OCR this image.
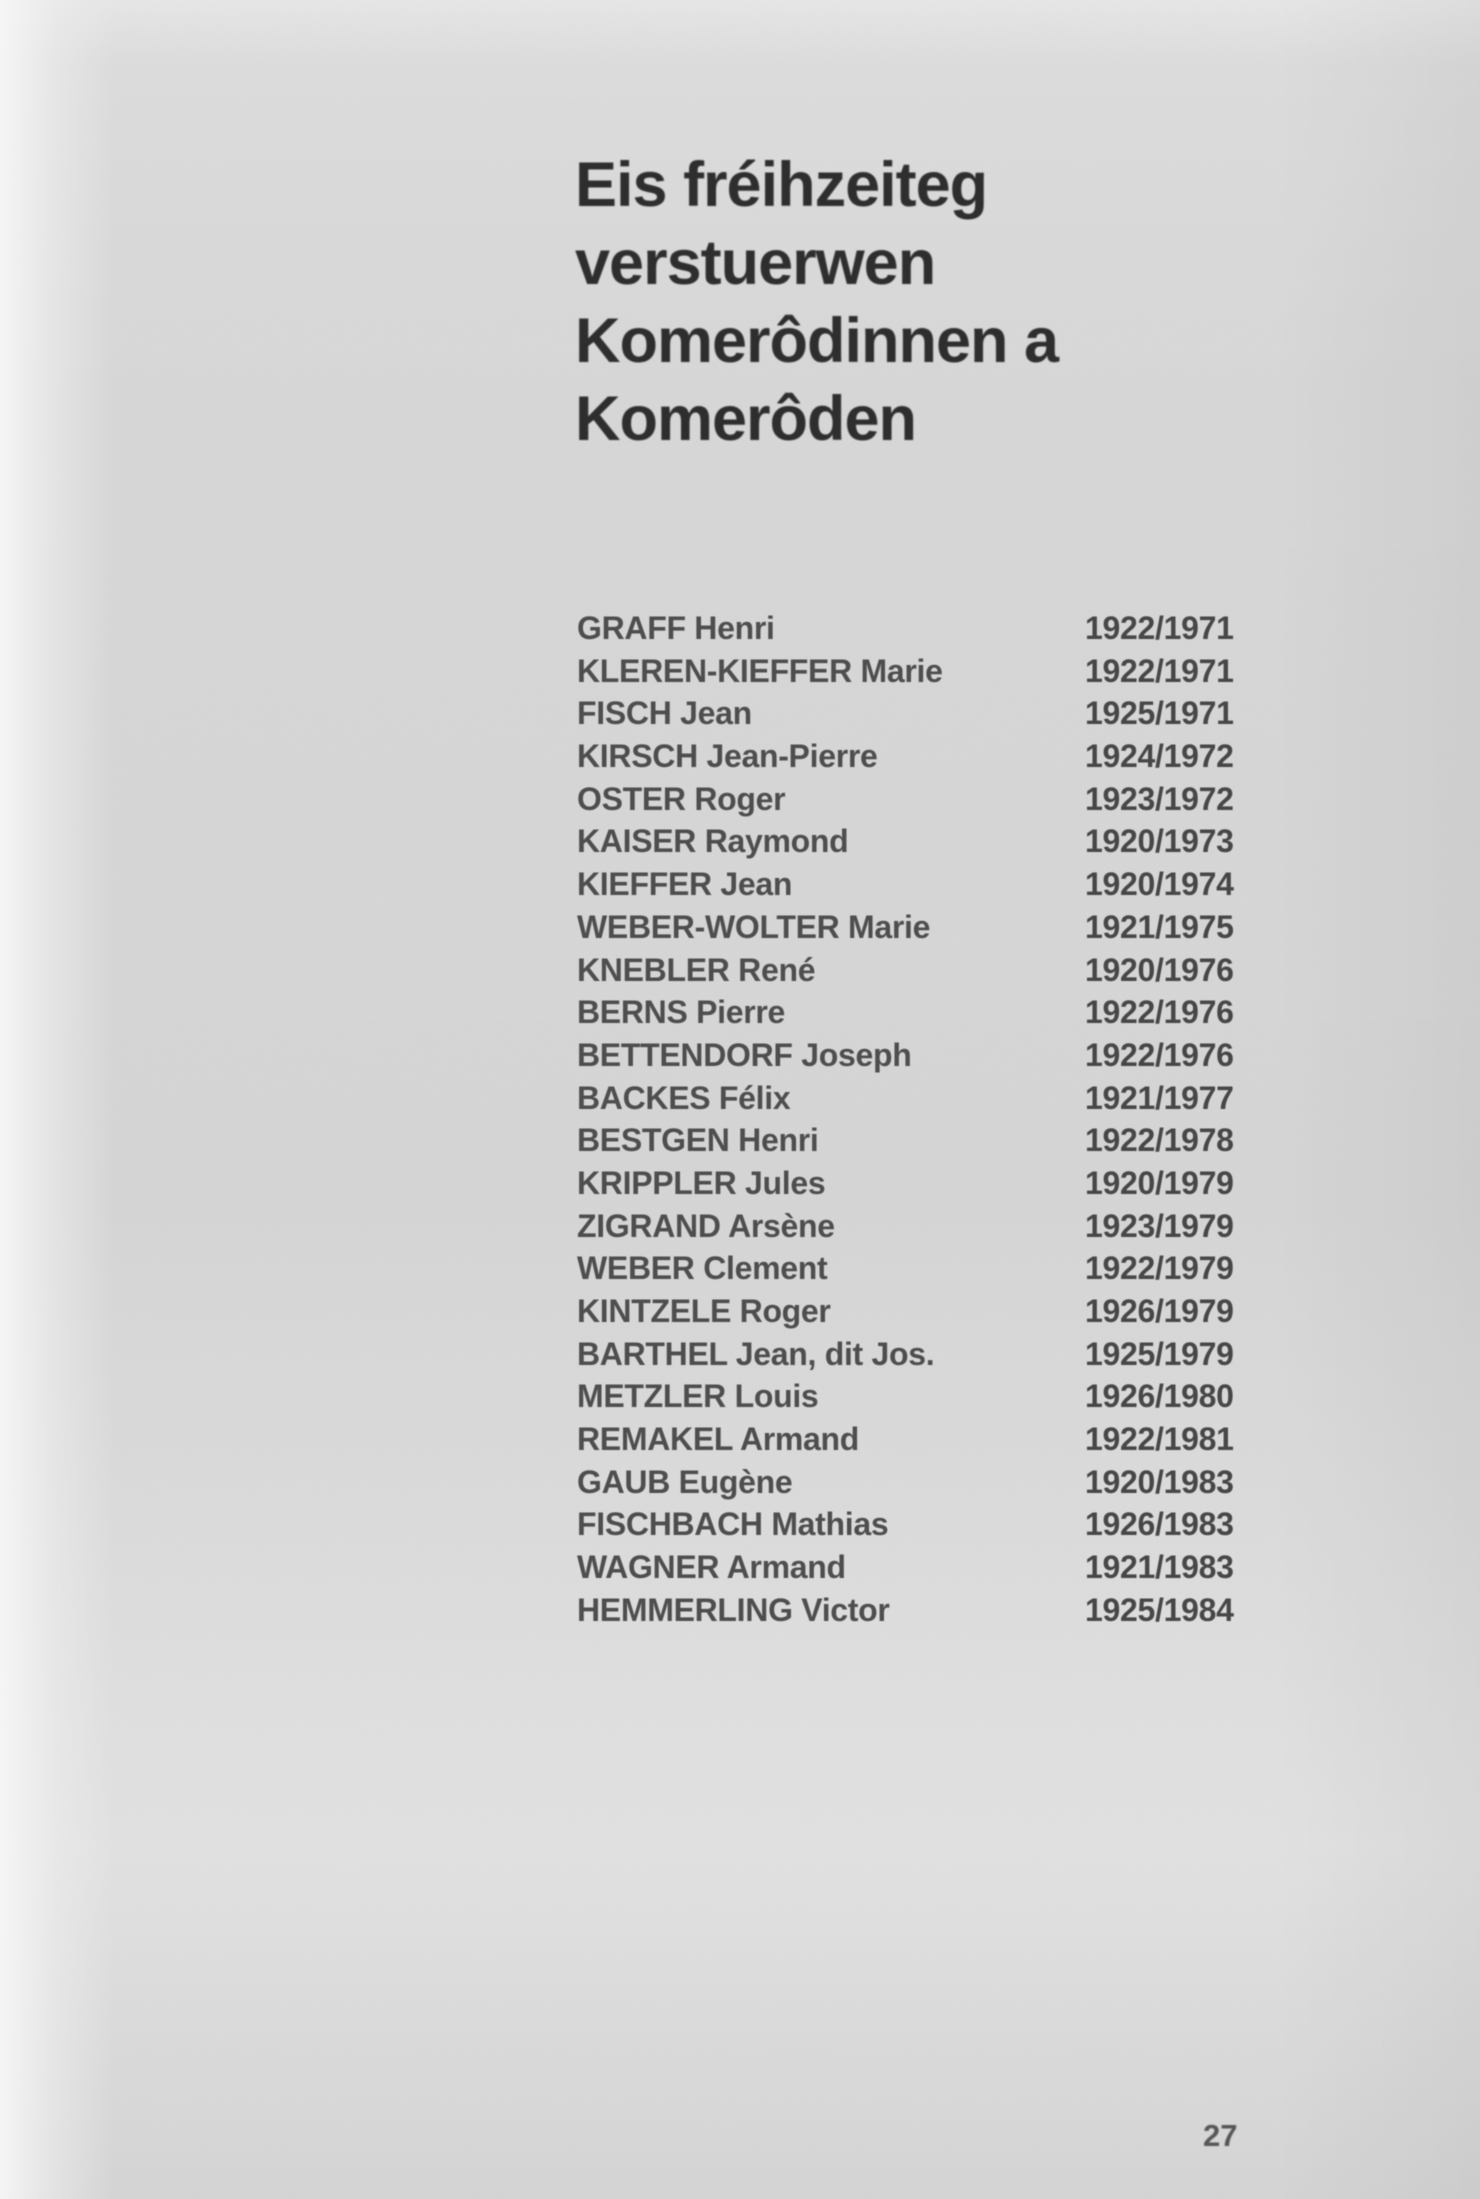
Eis fréihzeiteg
verstuerwen
Komerôdinnen a
Komerôden
GRAFF Henri	1922/1971
KLEREN-KIEFFER Marie	1922/1971
FISCH Jean	1925/1971
KIRSCH Jean-Pierre	1924/1972
OSTER Roger	1923/1972
KAISER Raymond	1920/1973
KIEFFER Jean	1920/1974
WEBER-WOLTER Marie	1921/1975
KNEBLER René	1920/1976
BERNS Pierre	1922/1976
BETTENDORF Joseph	1922/1976
BACKES Félix	1921/1977
BESTGEN Henri	1922/1978
KRIPPLER Jules	1920/1979
ZIGRAND Arsène	1923/1979
WEBER Clement	1922/1979
KINTZELE Roger	1926/1979
BARTHEL Jean, dit Jos.	1925/1979
METZLER Louis	1926/1980
REMAKEL Armand	1922/1981
GAUB Eugène	1920/1983
FISCHBACH Mathias	1926/1983
WAGNER Armand	1921/1983
HEMMERLING Victor	1925/1984
27
